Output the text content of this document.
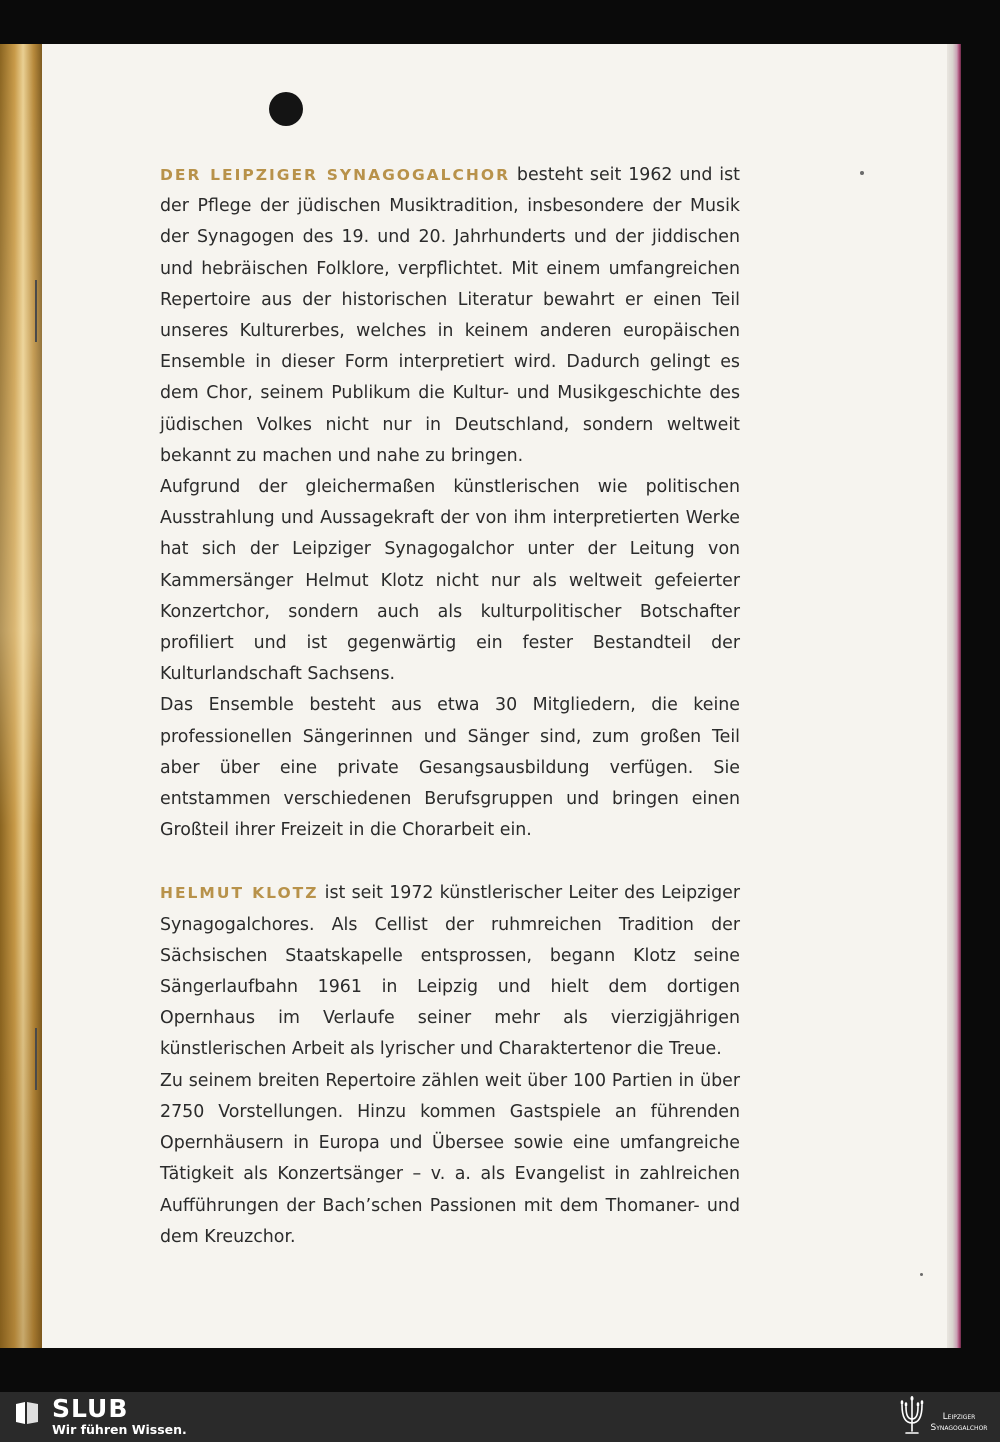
DER LEIPZIGER SYNAGOGALCHOR besteht seit 1962 und ist der Pflege der jüdischen Musiktradition, insbesondere der Musik der Synagogen des 19. und 20. Jahrhunderts und der jiddischen und hebräischen Folklore, verpflichtet. Mit einem umfangreichen Repertoire aus der historischen Literatur bewahrt er einen Teil unseres Kulturerbes, welches in keinem anderen europäischen Ensemble in dieser Form interpretiert wird. Dadurch gelingt es dem Chor, seinem Publikum die Kultur- und Musikgeschichte des jüdischen Volkes nicht nur in Deutschland, sondern weltweit bekannt zu machen und nahe zu bringen.

Aufgrund der gleichermaßen künstlerischen wie politischen Ausstrahlung und Aussagekraft der von ihm interpretierten Werke hat sich der Leipziger Synagogalchor unter der Leitung von Kammersänger Helmut Klotz nicht nur als weltweit gefeierter Konzertchor, sondern auch als kulturpolitischer Botschafter profiliert und ist gegenwärtig ein fester Bestandteil der Kulturlandschaft Sachsens.

Das Ensemble besteht aus etwa 30 Mitgliedern, die keine professionellen Sängerinnen und Sänger sind, zum großen Teil aber über eine private Gesangsausbildung verfügen. Sie entstammen verschiedenen Berufsgruppen und bringen einen Großteil ihrer Freizeit in die Chorarbeit ein.

HELMUT KLOTZ ist seit 1972 künstlerischer Leiter des Leipziger Synagogalchores. Als Cellist der ruhmreichen Tradition der Sächsischen Staatskapelle entsprossen, begann Klotz seine Sängerlaufbahn 1961 in Leipzig und hielt dem dortigen Opernhaus im Verlaufe seiner mehr als vierzigjährigen künstlerischen Arbeit als lyrischer und Charaktertenor die Treue.

Zu seinem breiten Repertoire zählen weit über 100 Partien in über 2750 Vorstellungen. Hinzu kommen Gastspiele an führenden Opernhäusern in Europa und Übersee sowie eine umfangreiche Tätigkeit als Konzertsänger – v. a. als Evangelist in zahlreichen Aufführungen der Bach’schen Passionen mit dem Thomaner- und dem Kreuzchor.

SLUB
Wir führen Wissen.
Leipziger
Synagogalchor
